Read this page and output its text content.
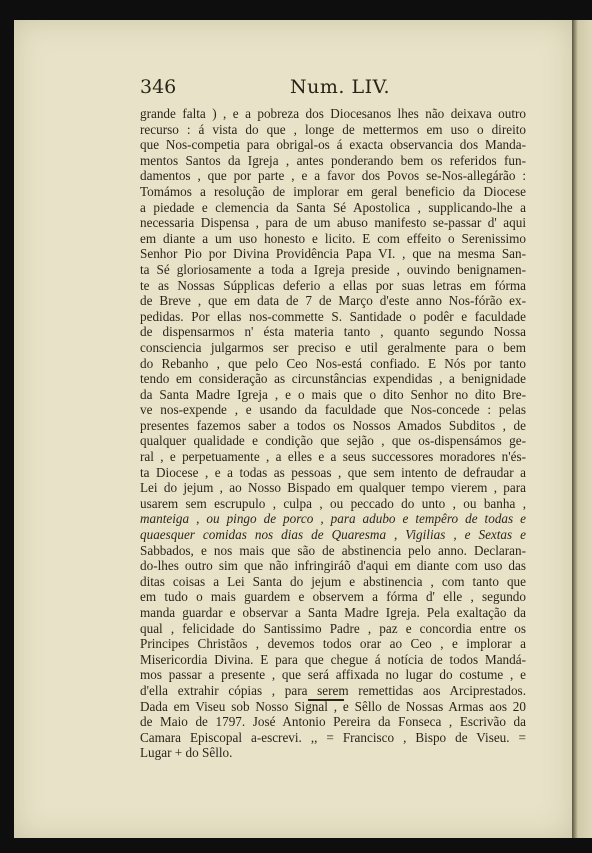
346	Num. LIV.
grande falta ) , e a pobreza dos Diocesanos lhes não deixava outro
recurso : á vista do que , longe de mettermos em uso o direito
que Nos-competia para obrigal-os á exacta observancia dos Manda-
mentos Santos da Igreja , antes ponderando bem os referidos fun-
damentos , que por parte , e a favor dos Povos se-Nos-allegárão :
Tomámos a resolução de implorar em geral beneficio da Diocese
a piedade e clemencia da Santa Sé Apostolica , supplicando-lhe a
necessaria Dispensa , para de um abuso manifesto se-passar d' aqui
em diante a um uso honesto e licito. E com effeito o Serenissimo
Senhor Pio por Divina Providência Papa VI. , que na mesma San-
ta Sé gloriosamente a toda a Igreja preside , ouvindo benignamen-
te as Nossas Súpplicas deferio a ellas por suas letras em fórma
de Breve , que em data de 7 de Março d'este anno Nos-fórão ex-
pedidas. Por ellas nos-commette S. Santidade o podêr e faculdade
de dispensarmos n' ésta materia tanto , quanto segundo Nossa
consciencia julgarmos ser preciso e util geralmente para o bem
do Rebanho , que pelo Ceo Nos-está confiado. E Nós por tanto
tendo em consideração as circunstâncias expendidas , a benignidade
da Santa Madre Igreja , e o mais que o dito Senhor no dito Bre-
ve nos-expende , e usando da faculdade que Nos-concede : pelas
presentes fazemos saber a todos os Nossos Amados Subditos , de
qualquer qualidade e condição que sejão , que os-dispensámos ge-
ral , e perpetuamente , a elles e a seus successores moradores n'és-
ta Diocese , e a todas as pessoas , que sem intento de defraudar a
Lei do jejum , ao Nosso Bispado em qualquer tempo vierem , para
usarem sem escrupulo , culpa , ou peccado do unto , ou banha ,
manteiga , ou pingo de porco , para adubo e tempêro de todas e
quaesquer comidas nos dias de Quaresma , Vigilias , e Sextas e
Sabbados, e nos mais que são de abstinencia pelo anno. Declaran-
do-lhes outro sim que não infringiráõ d'aqui em diante com uso das
ditas coisas a Lei Santa do jejum e abstinencia , com tanto que
em tudo o mais guardem e observem a fórma d' elle , segundo
manda guardar e observar a Santa Madre Igreja. Pela exaltação da
qual , felicidade do Santissimo Padre , paz e concordia entre os
Principes Christãos , devemos todos orar ao Ceo , e implorar a
Misericordia Divina. E para que chegue á notícia de todos Mandá-
mos passar a presente , que será affixada no lugar do costume , e
d'ella extrahir cópias , para serem remettidas aos Arciprestados.
Dada em Viseu sob Nosso Signal , e Sêllo de Nossas Armas aos 20
de Maio de 1797. José Antonio Pereira da Fonseca , Escrivão da
Camara Episcopal a-escrevi. ,, = Francisco , Bispo de Viseu. =
Lugar + do Sêllo.
